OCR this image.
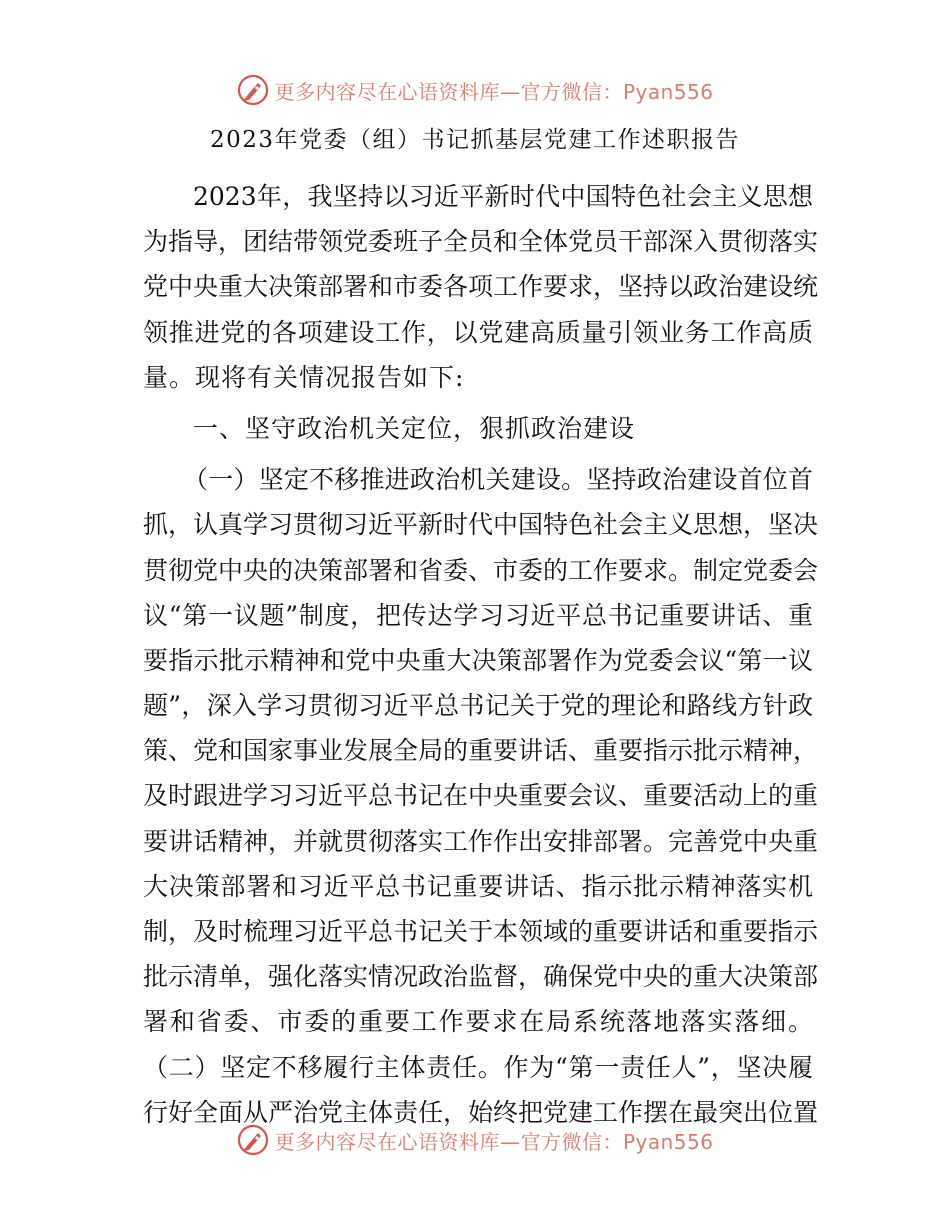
更多内容尽在心语资料库—官方微信：Pyan556
2023年党委（组）书记抓基层党建工作述职报告
2023年，我坚持以习近平新时代中国特色社会主义思想
为指导，团结带领党委班子全员和全体党员干部深入贯彻落实
党中央重大决策部署和市委各项工作要求，坚持以政治建设统
领推进党的各项建设工作，以党建高质量引领业务工作高质
量。现将有关情况报告如下:
一、坚守政治机关定位，狠抓政治建设
（一）坚定不移推进政治机关建设。坚持政治建设首位首
抓，认真学习贯彻习近平新时代中国特色社会主义思想，坚决
贯彻党中央的决策部署和省委、市委的工作要求。制定党委会
议“第一议题”制度，把传达学习习近平总书记重要讲话、重
要指示批示精神和党中央重大决策部署作为党委会议“第一议
题”，深入学习贯彻习近平总书记关于党的理论和路线方针政
策、党和国家事业发展全局的重要讲话、重要指示批示精神，
及时跟进学习习近平总书记在中央重要会议、重要活动上的重
要讲话精神，并就贯彻落实工作作出安排部署。完善党中央重
大决策部署和习近平总书记重要讲话、指示批示精神落实机
制，及时梳理习近平总书记关于本领域的重要讲话和重要指示
批示清单，强化落实情况政治监督，确保党中央的重大决策部
署和省委、市委的重要工作要求在局系统落地落实落细。
（二）坚定不移履行主体责任。作为“第一责任人”，坚决履
行好全面从严治党主体责任，始终把党建工作摆在最突出位置
更多内容尽在心语资料库—官方微信：Pyan556
